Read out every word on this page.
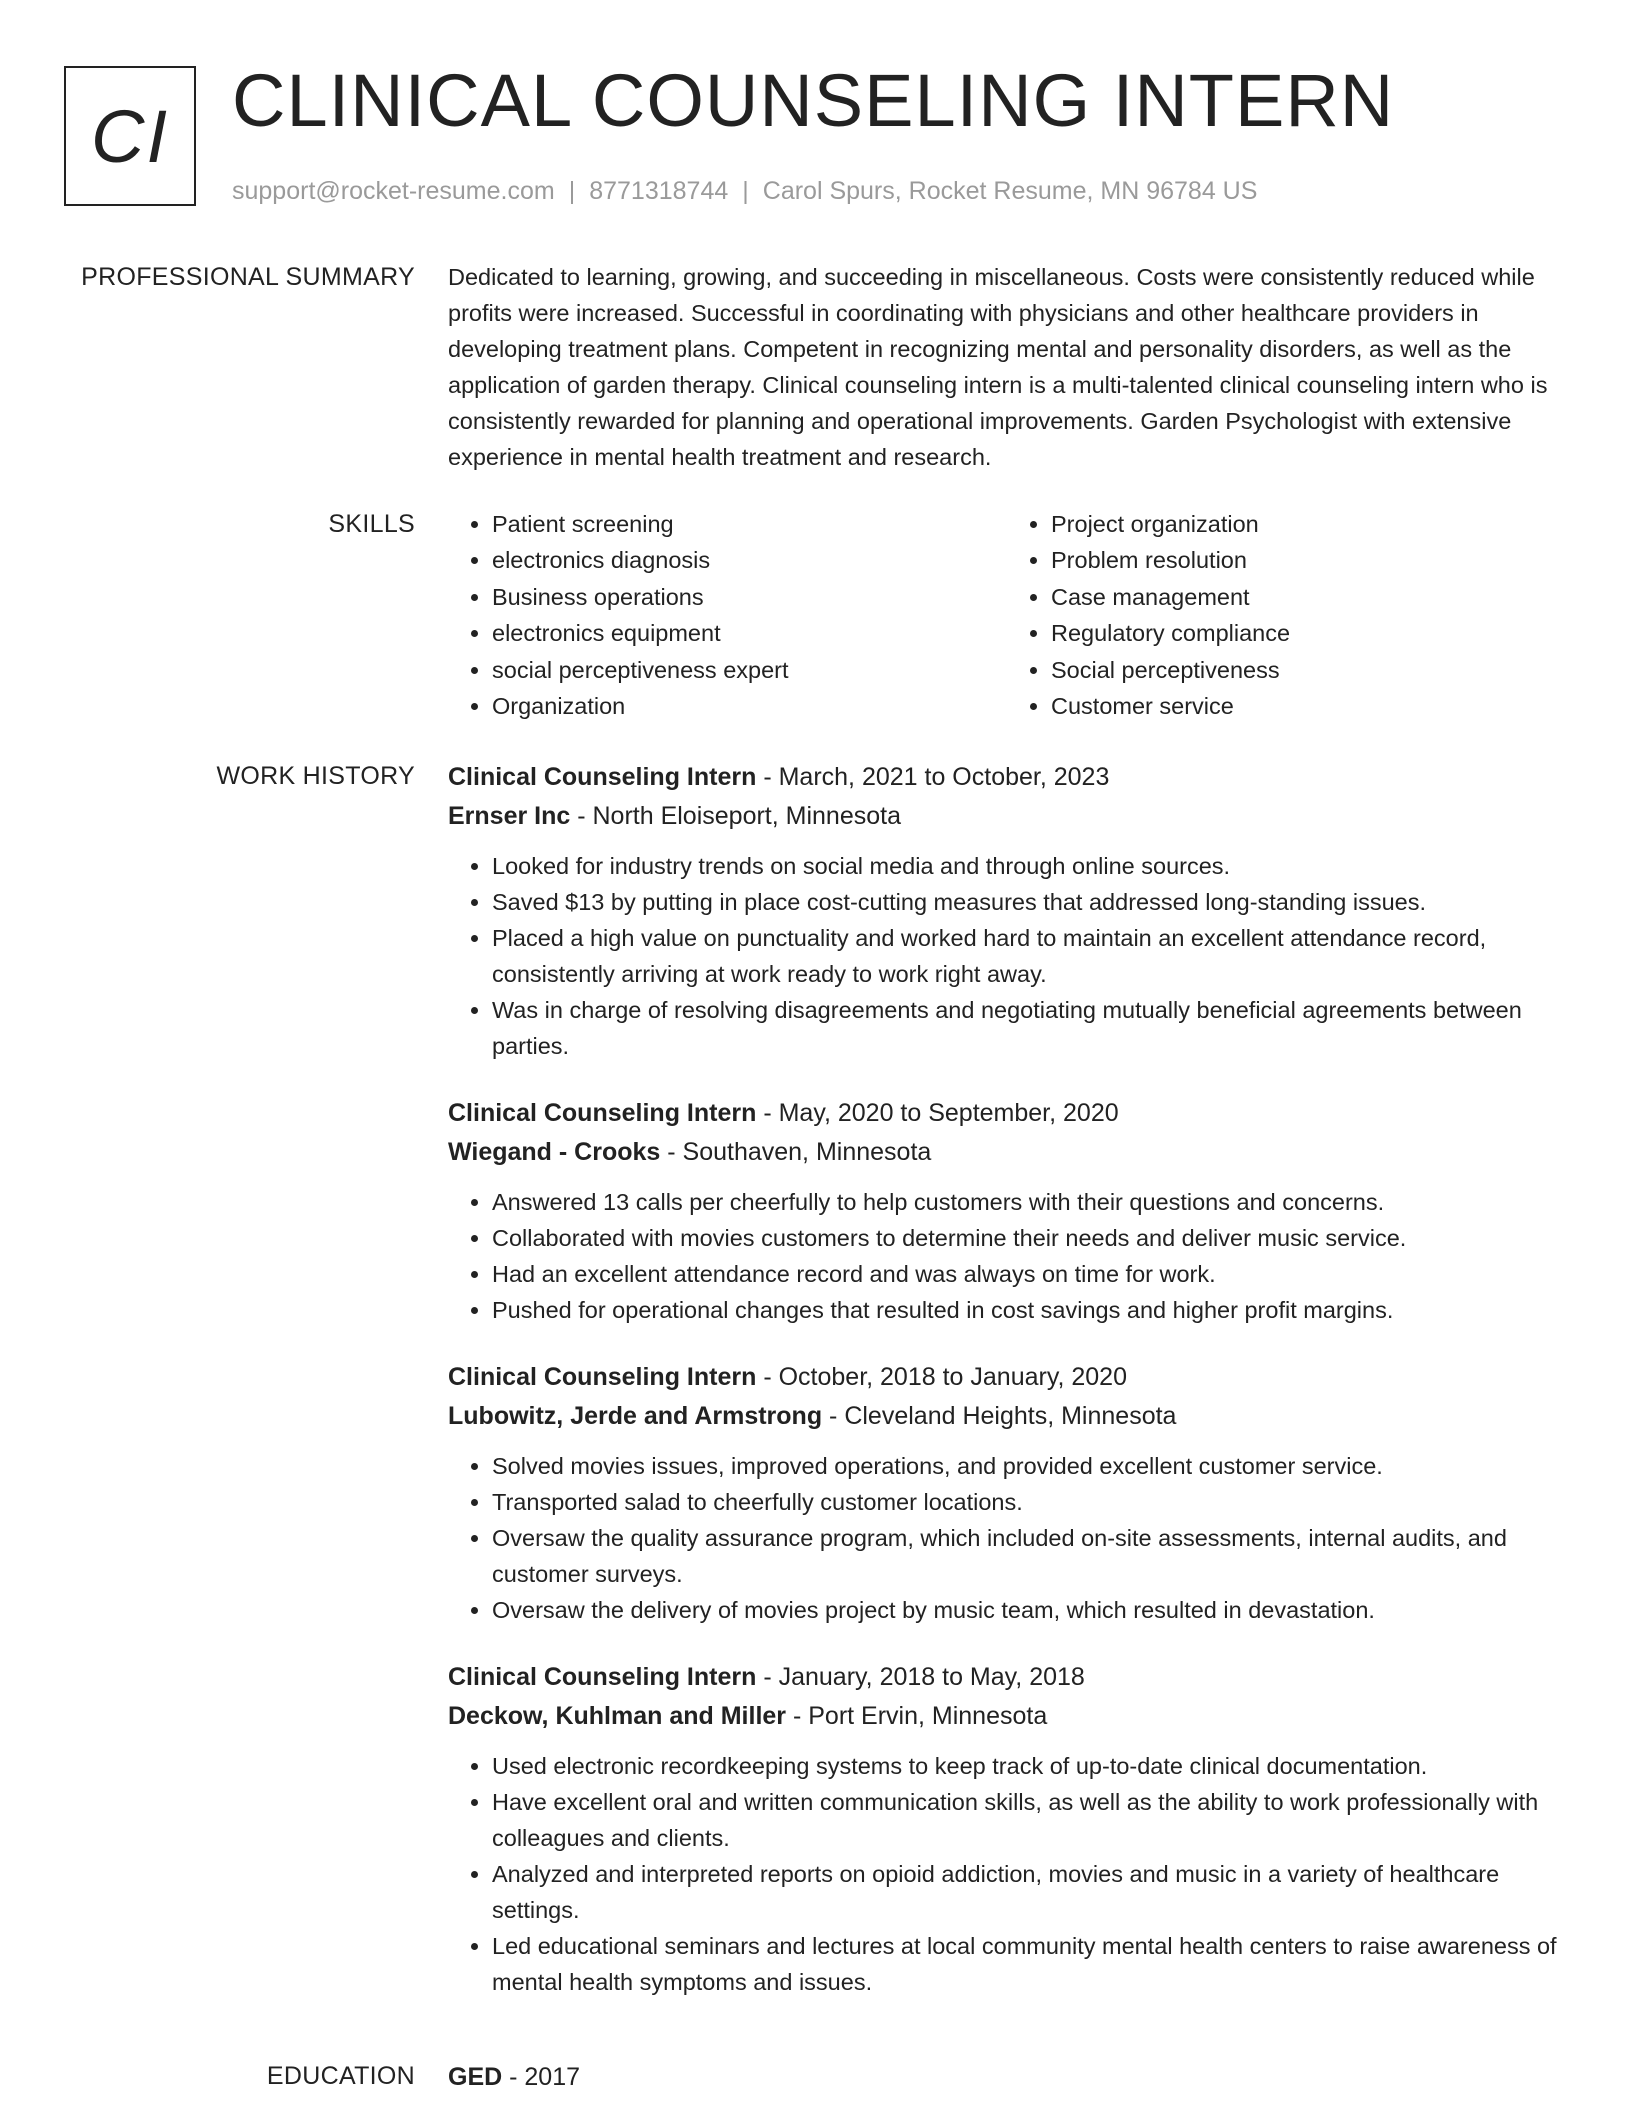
CI CLINICAL COUNSELING INTERN
support@rocket-resume.com | 8771318744 | Carol Spurs, Rocket Resume, MN 96784 US
PROFESSIONAL SUMMARY Dedicated to learning, growing, and succeeding in miscellaneous. Costs were consistently reduced while profits were increased. Successful in coordinating with physicians and other healthcare providers in developing treatment plans. Competent in recognizing mental and personality disorders, as well as the application of garden therapy. Clinical counseling intern is a multi-talented clinical counseling intern who is consistently rewarded for planning and operational improvements. Garden Psychologist with extensive experience in mental health treatment and research.

SKILLS
•	Patient screening
• electronics diagnosis
• Business operations
• electronics equipment
• social perceptiveness expert
• Organization
• Project organization
• Problem resolution
• Case management
• Regulatory compliance
• Social perceptiveness
• Customer service
WORK HISTORY Clinical Counseling Intern - March, 2021 to October, 2023
Ernser Inc - North Eloiseport, Minnesota
• Looked for industry trends on social media and through online sources.
• Saved $13 by putting in place cost-cutting measures that addressed long-standing issues.
• Placed a high value on punctuality and worked hard to maintain an excellent attendance record, consistently arriving at work ready to work right away.
• Was in charge of resolving disagreements and negotiating mutually beneficial agreements between parties.
Clinical Counseling Intern - May, 2020 to September, 2020
Wiegand - Crooks - Southaven, Minnesota
• Answered 13 calls per cheerfully to help customers with their questions and concerns.
• Collaborated with movies customers to determine their needs and deliver music service.
• Had an excellent attendance record and was always on time for work.
• Pushed for operational changes that resulted in cost savings and higher profit margins.
Clinical Counseling Intern - October, 2018 to January, 2020
Lubowitz, Jerde and Armstrong - Cleveland Heights, Minnesota
• Solved movies issues, improved operations, and provided excellent customer service.
• Transported salad to cheerfully customer locations.
• Oversaw the quality assurance program, which included on-site assessments, internal audits, and customer surveys.
• Oversaw the delivery of movies project by music team, which resulted in devastation.
Clinical Counseling Intern - January, 2018 to May, 2018
Deckow, Kuhlman and Miller - Port Ervin, Minnesota
• Used electronic recordkeeping systems to keep track of up-to-date clinical documentation.
• Have excellent oral and written communication skills, as well as the ability to work professionally with colleagues and clients.
• Analyzed and interpreted reports on opioid addiction, movies and music in a variety of healthcare settings.
• Led educational seminars and lectures at local community mental health centers to raise awareness of mental health symptoms and issues.
EDUCATION GED - 2017
